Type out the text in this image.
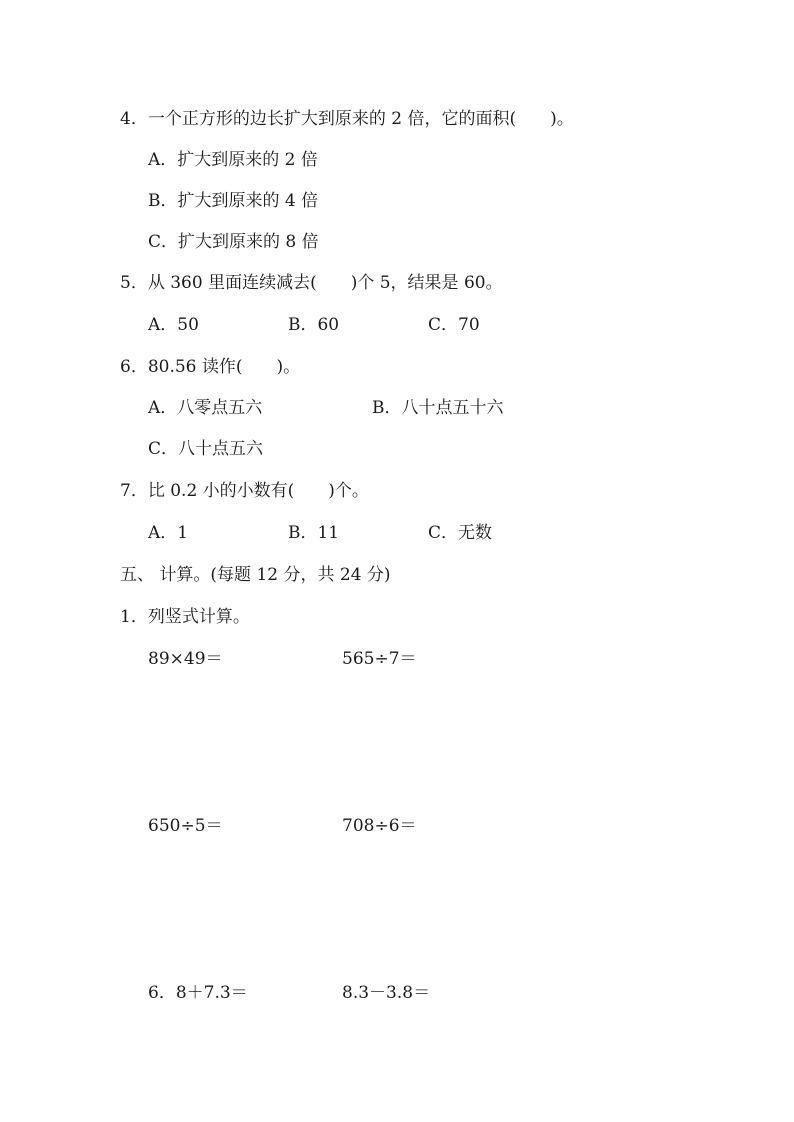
4．一个正方形的边长扩大到原来的 2 倍，它的面积(　　)。
A．扩大到原来的 2 倍
B．扩大到原来的 4 倍
C．扩大到原来的 8 倍
5．从 360 里面连续减去(　　)个 5，结果是 60。
A．50	B．60	C．70
6．80.56 读作(　　)。
A．八零点五六	B．八十点五十六
C．八十点五六
7．比 0.2 小的小数有(　　)个。
A．1	B．11	C．无数
五、 计算。(每题 12 分，共 24 分)
1．列竖式计算。
89×49＝	565÷7＝
650÷5＝	708÷6＝
6．8＋7.3＝	8.3－3.8＝
